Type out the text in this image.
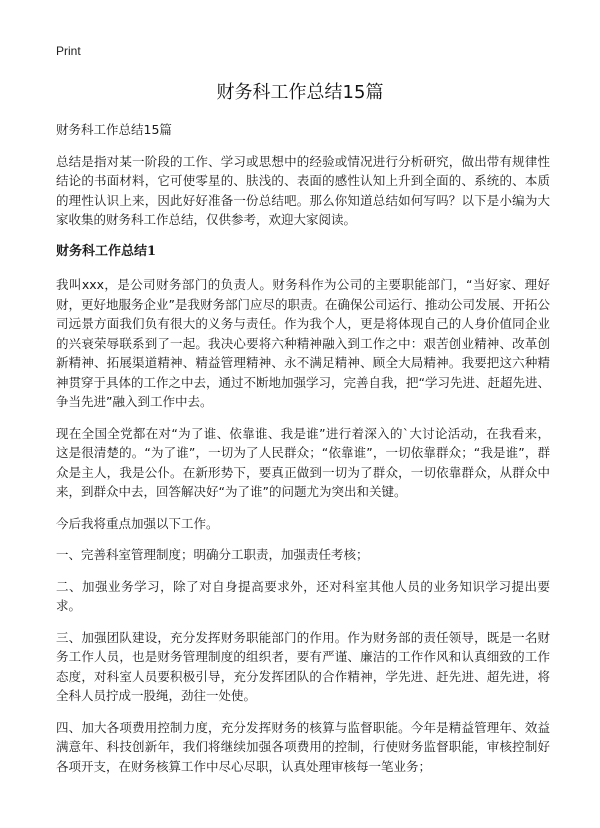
Print
财务科工作总结15篇

财务科工作总结15篇

总结是指对某一阶段的工作、学习或思想中的经验或情况进行分析研究，做出带有规律性结论的书面材料，它可使零星的、肤浅的、表面的感性认知上升到全面的、系统的、本质的理性认识上来，因此好好准备一份总结吧。那么你知道总结如何写吗？以下是小编为大家收集的财务科工作总结，仅供参考，欢迎大家阅读。

财务科工作总结1

我叫xxx，是公司财务部门的负责人。财务科作为公司的主要职能部门，“当好家、理好财，更好地服务企业”是我财务部门应尽的职责。在确保公司运行、推动公司发展、开拓公司远景方面我们负有很大的义务与责任。作为我个人，更是将体现自己的人身价值同企业的兴衰荣辱联系到了一起。我决心要将六种精神融入到工作之中：艰苦创业精神、改革创新精神、拓展渠道精神、精益管理精神、永不满足精神、顾全大局精神。我要把这六种精神贯穿于具体的工作之中去，通过不断地加强学习，完善自我，把“学习先进、赶超先进、争当先进”融入到工作中去。

现在全国全党都在对“为了谁、依靠谁、我是谁”进行着深入的`大讨论活动，在我看来，这是很清楚的。“为了谁”，一切为了人民群众；“依靠谁”，一切依靠群众；“我是谁”，群众是主人，我是公仆。在新形势下，要真正做到一切为了群众，一切依靠群众，从群众中来，到群众中去，回答解决好“为了谁”的问题尤为突出和关键。

今后我将重点加强以下工作。

一、完善科室管理制度；明确分工职责，加强责任考核；

二、加强业务学习，除了对自身提高要求外，还对科室其他人员的业务知识学习提出要求。

三、加强团队建设，充分发挥财务职能部门的作用。作为财务部的责任领导，既是一名财务工作人员，也是财务管理制度的组织者，要有严谨、廉洁的工作作风和认真细致的工作态度，对科室人员要积极引导，充分发挥团队的合作精神，学先进、赶先进、超先进，将全科人员拧成一股绳，劲往一处使。

四、加大各项费用控制力度，充分发挥财务的核算与监督职能。今年是精益管理年、效益满意年、科技创新年，我们将继续加强各项费用的控制，行使财务监督职能，审核控制好各项开支，在财务核算工作中尽心尽职，认真处理审核每一笔业务；
